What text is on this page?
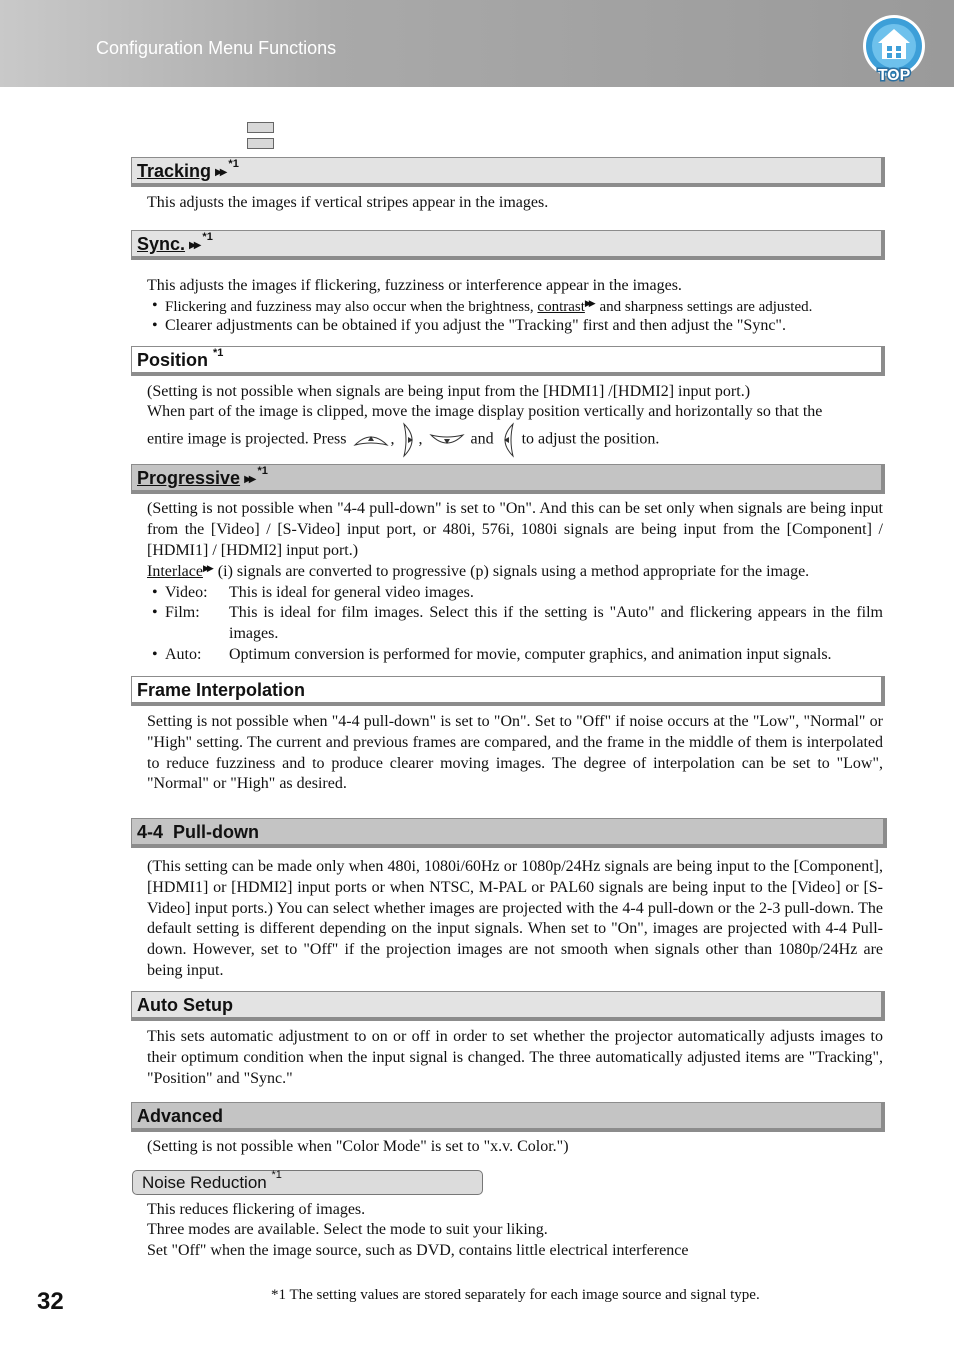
Configuration Menu Functions
TOP
Tracking ▶▶$^{*1}$
This adjusts the images if vertical stripes appear in the images.
Sync. ▶▶$^{*1}$
This adjusts the images if flickering, fuzziness or interference appear in the images.
• Flickering and fuzziness may also occur when the brightness, contrast▶▶ and sharpness settings are adjusted.
• Clearer adjustments can be obtained if you adjust the "Tracking" first and then adjust the "Sync".
Position $^{*1}$
(Setting is not possible when signals are being input from the [HDMI1] /[HDMI2] input port.)
When part of the image is clipped, move the image display position vertically and horizontally so that the
entire image is projected. Press	, ,	and to adjust the position.
Progressive ▶▶$^{*1}$
(Setting is not possible when "4-4 pull-down" is set to "On". And this can be set only when signals are being input from the [Video] / [S-Video] input port, or 480i, 576i, 1080i signals are being input from the [Component] / [HDMI1] / [HDMI2] input port.)
Interlace▶▶ (i) signals are converted to progressive (p) signals using a method appropriate for the image.
• Video: This is ideal for general video images.
• Film: This is ideal for film images. Select this if the setting is "Auto" and flickering appears in the film images.
• Auto: Optimum conversion is performed for movie, computer graphics, and animation input signals.
Frame Interpolation
Setting is not possible when "4-4 pull-down" is set to "On". Set to "Off" if noise occurs at the "Low", "Normal" or "High" setting. The current and previous frames are compared, and the frame in the middle of them is interpolated to reduce fuzziness and to produce clearer moving images. The degree of interpolation can be set to "Low", "Normal" or "High" as desired.
4-4  Pull-down
(This setting can be made only when 480i, 1080i/60Hz or 1080p/24Hz signals are being input to the [Component], [HDMI1] or [HDMI2] input ports or when NTSC, M-PAL or PAL60 signals are being input to the [Video] or [S-Video] input ports.) You can select whether images are projected with the 4-4 pull-down or the 2-3 pull-down. The default setting is different depending on the input signals. When set to "On", images are projected with 4-4 Pull-down. However, set to "Off" if the projection images are not smooth when signals other than 1080p/24Hz are being input.
Auto Setup
This sets automatic adjustment to on or off in order to set whether the projector automatically adjusts images to their optimum condition when the input signal is changed. The three automatically adjusted items are "Tracking", "Position" and "Sync."
Advanced
(Setting is not possible when "Color Mode" is set to "x.v. Color.")
Noise Reduction $^{*1}$
This reduces flickering of images.
Three modes are available. Select the mode to suit your liking.
Set "Off" when the image source, such as DVD, contains little electrical interference
32	*1 The setting values are stored separately for each image source and signal type.
